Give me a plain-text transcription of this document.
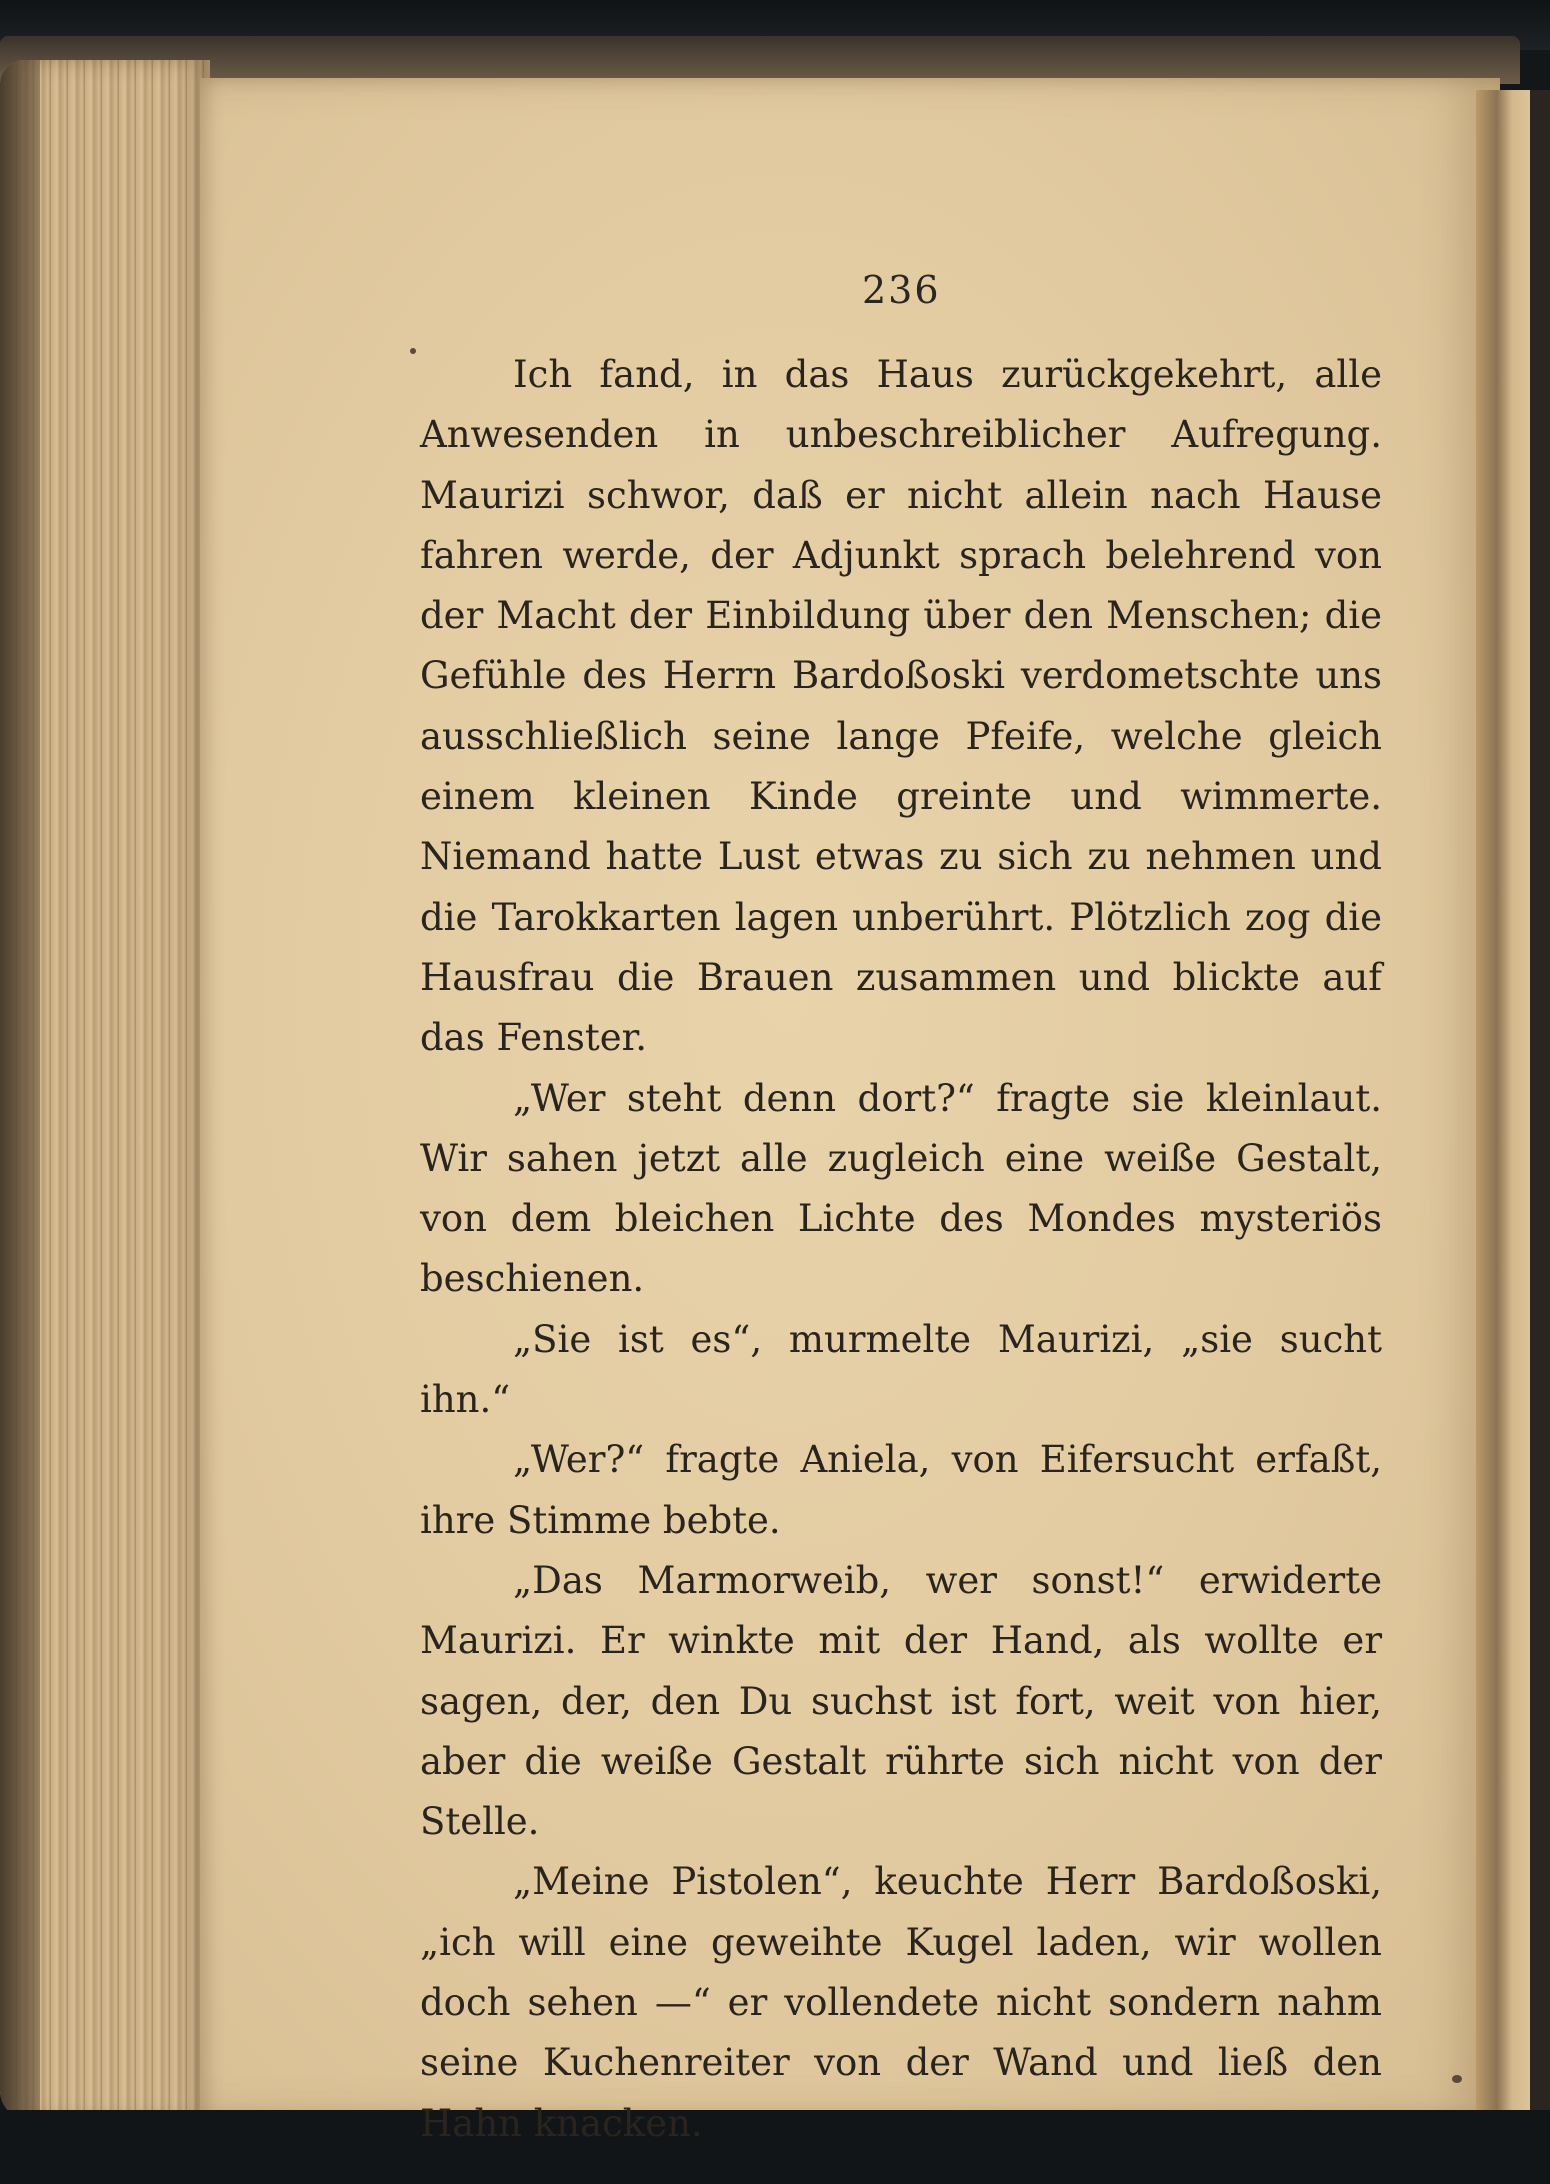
236

Ich fand, in das Haus zurückgekehrt, alle Anwesenden in unbeschreiblicher Aufregung. Maurizi schwor, daß er nicht allein nach Hause fahren werde, der Adjunkt sprach belehrend von der Macht der Einbildung über den Menschen; die Gefühle des Herrn Bardoßoski verdometschte uns ausschließlich seine lange Pfeife, welche gleich einem kleinen Kinde greinte und wimmerte. Niemand hatte Lust etwas zu sich zu nehmen und die Tarokkarten lagen unberührt. Plötzlich zog die Hausfrau die Brauen zusammen und blickte auf das Fenster.

„Wer steht denn dort?“ fragte sie kleinlaut. Wir sahen jetzt alle zugleich eine weiße Gestalt, von dem bleichen Lichte des Mondes mysteriös beschienen.

„Sie ist es“, murmelte Maurizi, „sie sucht ihn.“

„Wer?“ fragte Aniela, von Eifersucht erfaßt, ihre Stimme bebte.

„Das Marmorweib, wer sonst!“ erwiderte Maurizi. Er winkte mit der Hand, als wollte er sagen, der, den Du suchst ist fort, weit von hier, aber die weiße Gestalt rührte sich nicht von der Stelle.

„Meine Pistolen“, keuchte Herr Bardoßoski, „ich will eine geweihte Kugel laden, wir wollen doch sehen —“ er vollendete nicht sondern nahm seine Kuchenreiter von der Wand und ließ den Hahn knacken.
